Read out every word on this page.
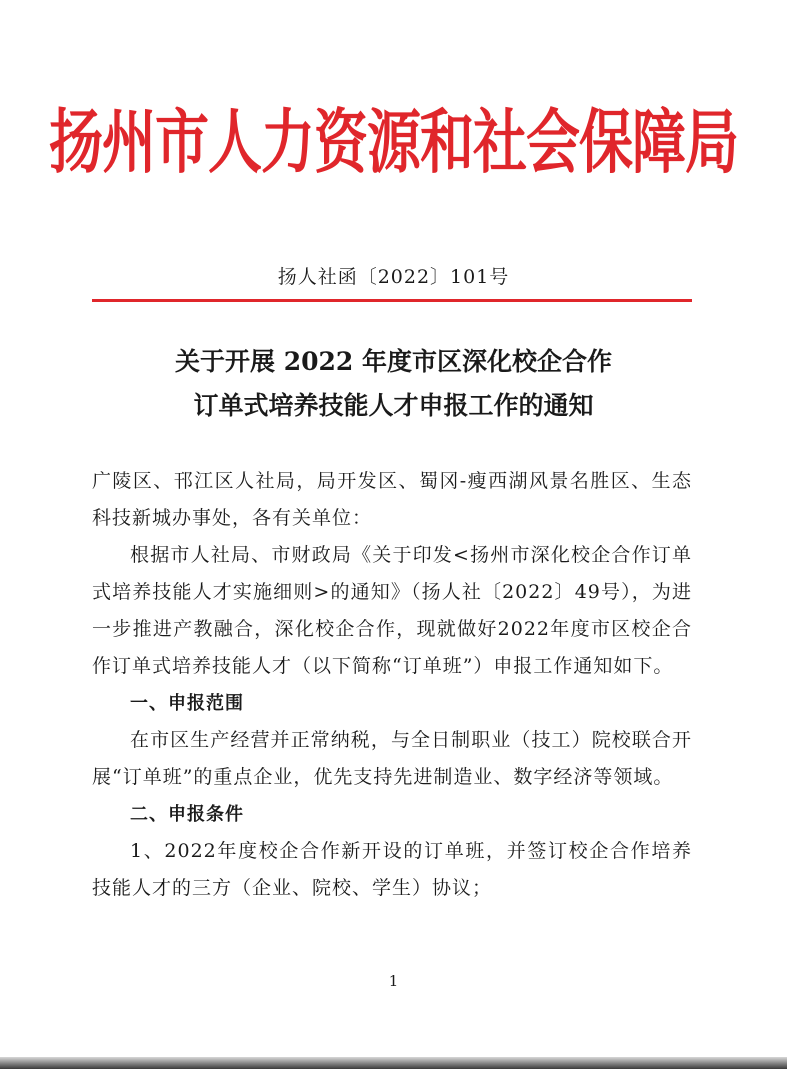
扬州市人力资源和社会保障局
扬人社函〔2022〕101号
关于开展 2022 年度市区深化校企合作
订单式培养技能人才申报工作的通知

广陵区、邗江区人社局，局开发区、蜀冈-瘦西湖风景名胜区、生态科技新城办事处，各有关单位：

根据市人社局、市财政局《关于印发<扬州市深化校企合作订单式培养技能人才实施细则>的通知》（扬人社〔2022〕49号），为进一步推进产教融合，深化校企合作，现就做好2022年度市区校企合作订单式培养技能人才（以下简称“订单班”）申报工作通知如下。

一、申报范围

在市区生产经营并正常纳税，与全日制职业（技工）院校联合开展“订单班”的重点企业，优先支持先进制造业、数字经济等领域。

二、申报条件

1、2022年度校企合作新开设的订单班，并签订校企合作培养技能人才的三方（企业、院校、学生）协议；

1
